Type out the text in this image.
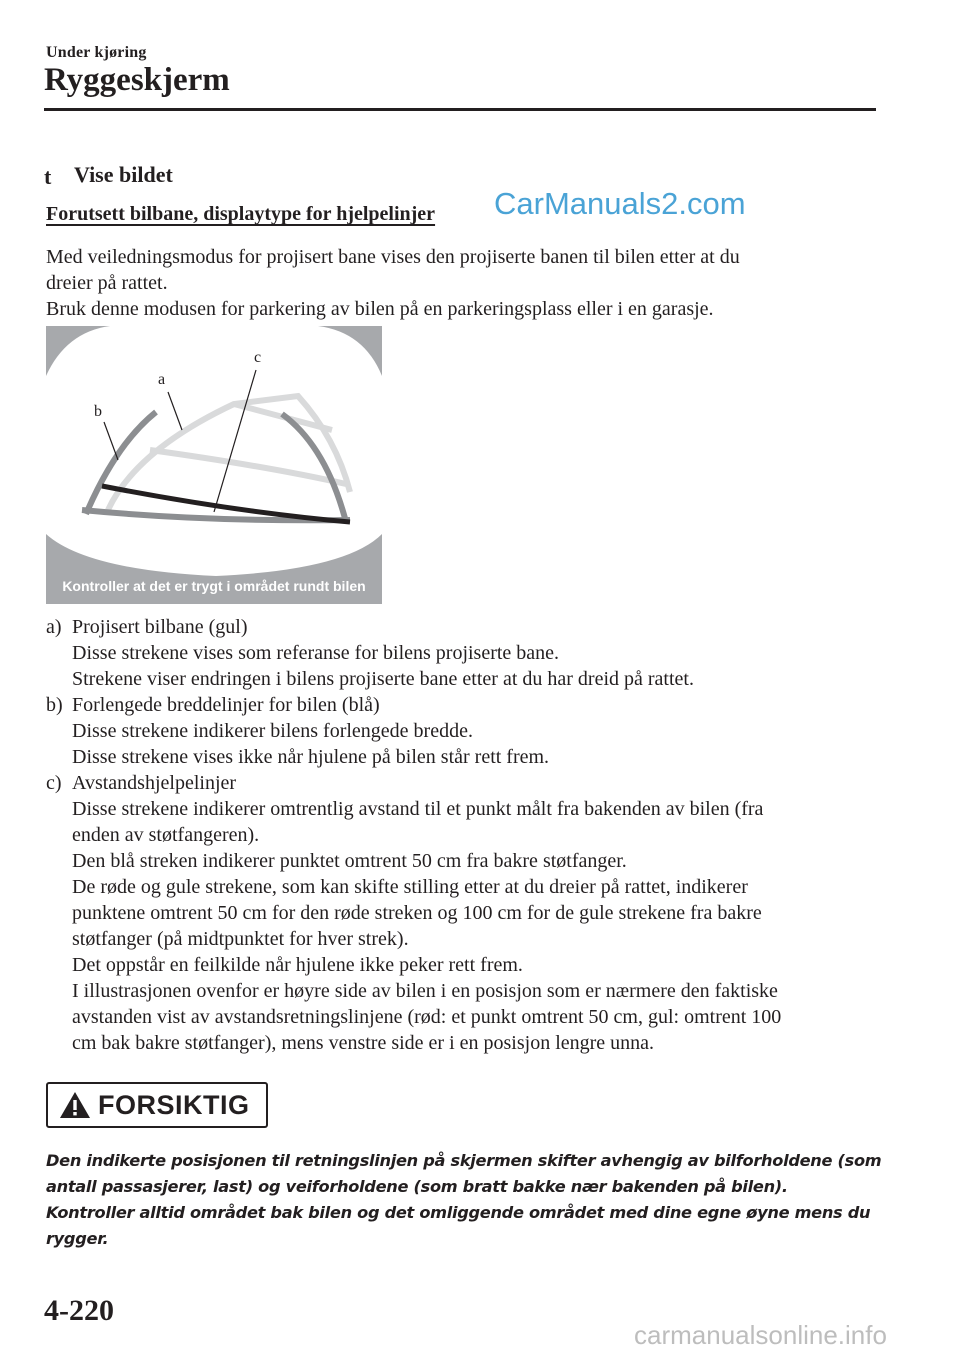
Under kjøring
Ryggeskjerm
t Vise bildet
Forutsett bilbane, displaytype for hjelpelinjer CarManuals2.com

Med veiledningsmodus for projisert bane vises den projiserte banen til bilen etter at du

dreier på rattet.

Bruk denne modusen for parkering av bilen på en parkeringsplass eller i en garasje.

b
a
c
Kontroller at det er trygt i området rundt bilen
a) Projisert bilbane (gul)
Disse strekene vises som referanse for bilens projiserte bane.
Strekene viser endringen i bilens projiserte bane etter at du har dreid på rattet.
b) Forlengede breddelinjer for bilen (blå)
Disse strekene indikerer bilens forlengede bredde.
Disse strekene vises ikke når hjulene på bilen står rett frem.
c) Avstandshjelpelinjer
Disse strekene indikerer omtrentlig avstand til et punkt målt fra bakenden av bilen (fra
enden av støtfangeren).
Den blå streken indikerer punktet omtrent 50 cm fra bakre støtfanger.
De røde og gule strekene, som kan skifte stilling etter at du dreier på rattet, indikerer
punktene omtrent 50 cm for den røde streken og 100 cm for de gule strekene fra bakre
støtfanger (på midtpunktet for hver strek).
Det oppstår en feilkilde når hjulene ikke peker rett frem.
I illustrasjonen ovenfor er høyre side av bilen i en posisjon som er nærmere den faktiske
avstanden vist av avstandsretningslinjene (rød: et punkt omtrent 50 cm, gul: omtrent 100
cm bak bakre støtfanger), mens venstre side er i en posisjon lengre unna.
FORSIKTIG
Den indikerte posisjonen til retningslinjen på skjermen skifter avhengig av bilforholdene (som
antall passasjerer, last) og veiforholdene (som bratt bakke nær bakenden på bilen).
Kontroller alltid området bak bilen og det omliggende området med dine egne øyne mens du
rygger.
4-220
carmanualsonline.info
